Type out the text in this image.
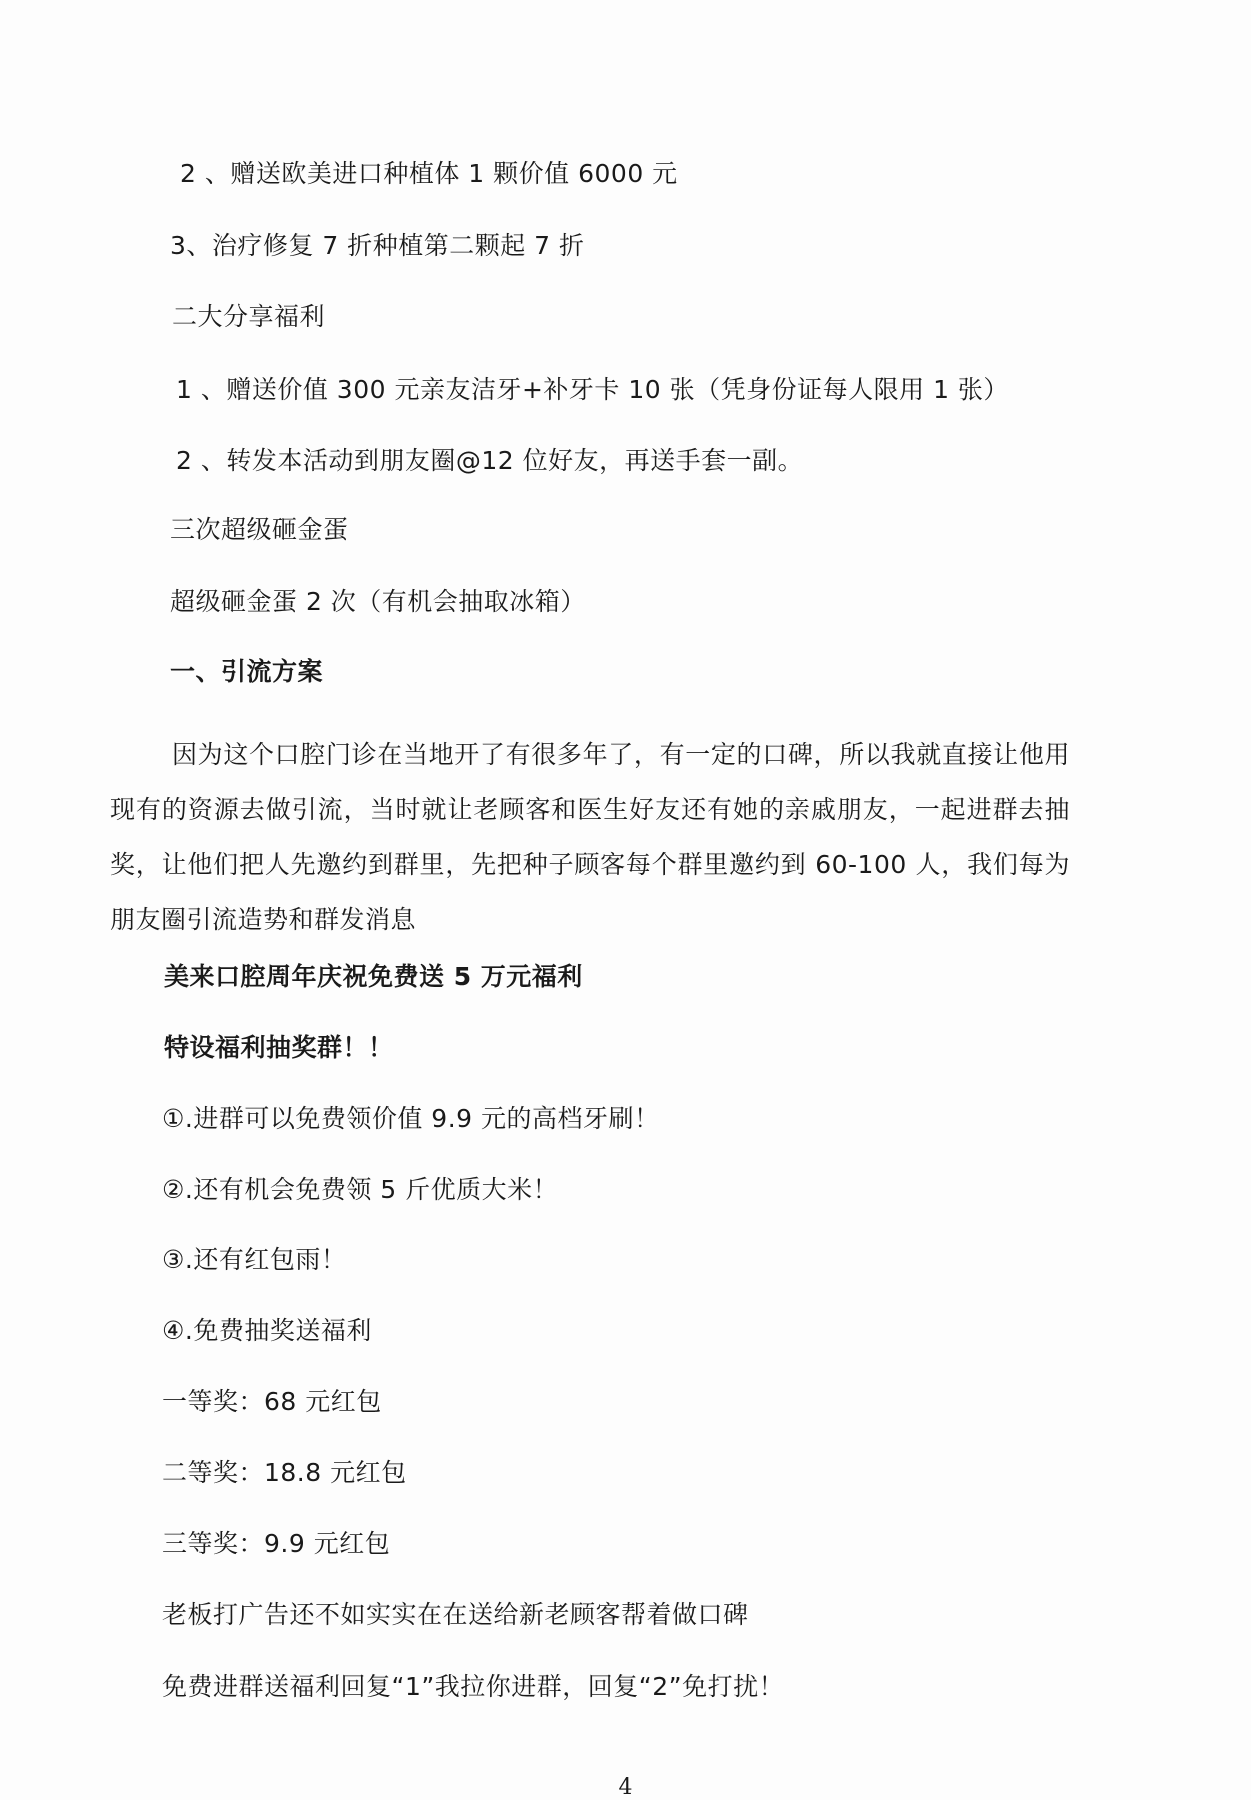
2 、赠送欧美进口种植体 1 颗价值 6000 元
3、治疗修复 7 折种植第二颗起 7 折
二大分享福利
1 、赠送价值 300 元亲友洁牙+补牙卡 10 张（凭身份证每人限用 1 张）
2 、转发本活动到朋友圈@12 位好友，再送手套一副。
三次超级砸金蛋
超级砸金蛋 2 次（有机会抽取冰箱）
一、引流方案
因为这个口腔门诊在当地开了有很多年了，有一定的口碑，所以我就直接让他用现有的资源去做引流，当时就让老顾客和医生好友还有她的亲戚朋友，一起进群去抽奖，让他们把人先邀约到群里，先把种子顾客每个群里邀约到 60-100 人，我们每为朋友圈引流造势和群发消息
美来口腔周年庆祝免费送 5 万元福利
特设福利抽奖群！！
①.进群可以免费领价值 9.9 元的高档牙刷！
②.还有机会免费领 5 斤优质大米！
③.还有红包雨！
④.免费抽奖送福利
一等奖：68 元红包
二等奖：18.8 元红包
三等奖：9.9 元红包
老板打广告还不如实实在在送给新老顾客帮着做口碑
免费进群送福利回复“1”我拉你进群，回复“2”免打扰！
4
